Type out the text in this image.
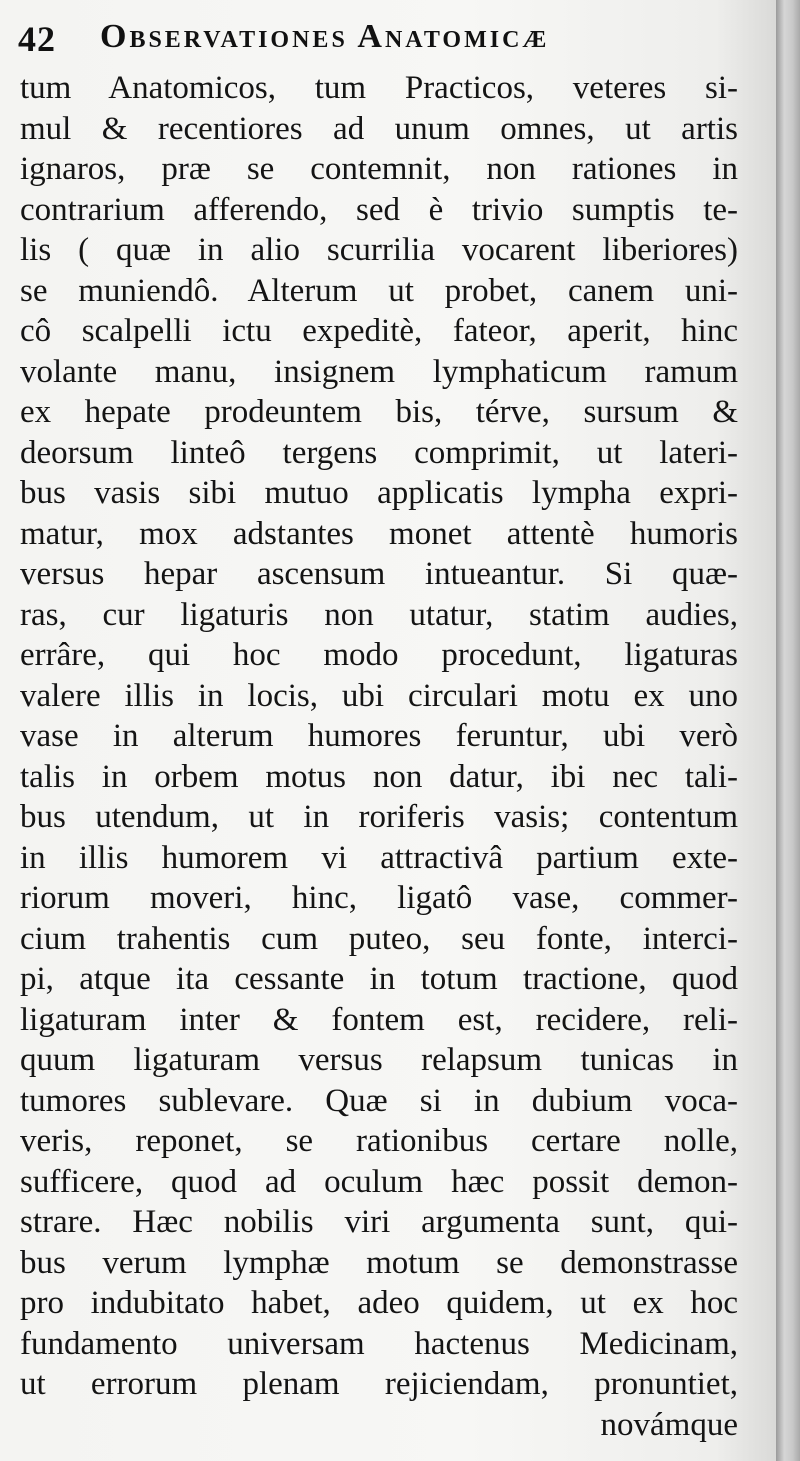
42 Observationes Anatomicæ
tum Anatomicos, tum Practicos, veteres si-
mul & recentiores ad unum omnes, ut artis
ignaros, præ se contemnit, non rationes in
contrarium afferendo, sed è trivio sumptis te-
lis ( quæ in alio scurrilia vocarent liberiores)
se muniendô. Alterum ut probet, canem uni-
cô scalpelli ictu expeditè, fateor, aperit, hinc
volante manu, insignem lymphaticum ramum
ex hepate prodeuntem bis, térve, sursum &
deorsum linteô tergens comprimit, ut lateri-
bus vasis sibi mutuo applicatis lympha expri-
matur, mox adstantes monet attentè humoris
versus hepar ascensum intueantur. Si quæ-
ras, cur ligaturis non utatur, statim audies,
errâre, qui hoc modo procedunt, ligaturas
valere illis in locis, ubi circulari motu ex uno
vase in alterum humores feruntur, ubi verò
talis in orbem motus non datur, ibi nec tali-
bus utendum, ut in roriferis vasis; contentum
in illis humorem vi attractivâ partium exte-
riorum moveri, hinc, ligatô vase, commer-
cium trahentis cum puteo, seu fonte, interci-
pi, atque ita cessante in totum tractione, quod
ligaturam inter & fontem est, recidere, reli-
quum ligaturam versus relapsum tunicas in
tumores sublevare. Quæ si in dubium voca-
veris, reponet, se rationibus certare nolle,
sufficere, quod ad oculum hæc possit demon-
strare. Hæc nobilis viri argumenta sunt, qui-
bus verum lymphæ motum se demonstrasse
pro indubitato habet, adeo quidem, ut ex hoc
fundamento universam hactenus Medicinam,
ut errorum plenam rejiciendam, pronuntiet,
novámque
